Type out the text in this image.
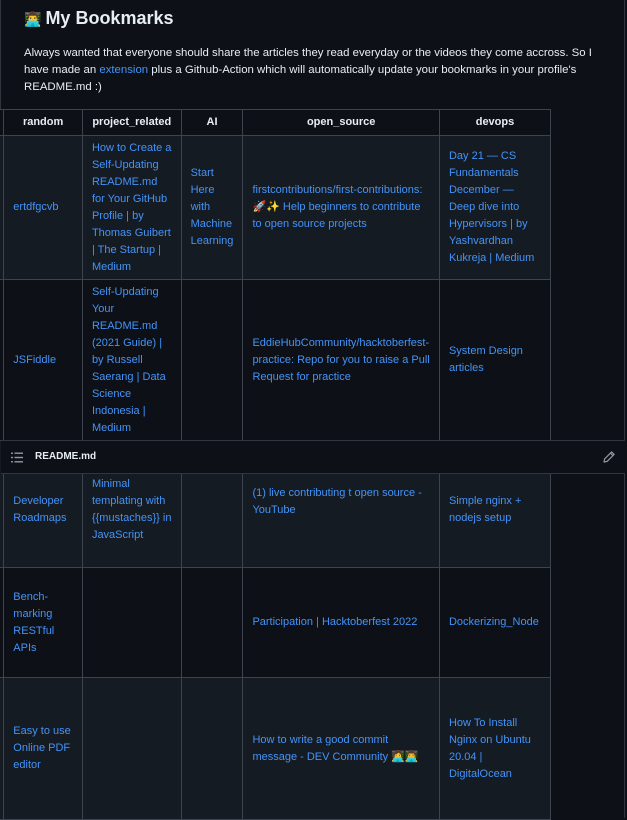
👨‍💻 My Bookmarks

Always wanted that everyone should share the articles they read everyday or the videos they come accross. So I have made an extension plus a Github-Action which will automatically update your bookmarks in your profile's README.md :)

	random	project_related	AI	open_source	devops
	ertdfgcvb	How to Create a Self-Updating README.md for Your GitHub Profile | by Thomas Guibert | The Startup | Medium	Start Here with Machine Learning	firstcontributions/first-contributions: 🚀✨ Help beginners to contribute to open source projects	Day 21 — CS Fundamentals December — Deep dive into Hypervisors | by Yashvardhan Kukreja | Medium
	JSFiddle	Self-Updating Your README.md (2021 Guide) | by Russell Saerang | Data Science Indonesia | Medium		EddieHubCommunity/hacktoberfest-practice: Repo for you to raise a Pull Request for practice	System Design articles
	Developer Roadmaps	Minimal templating with {{mustaches}} in JavaScript		(1) live contributing t open source - YouTube	Simple nginx + nodejs setup
	Bench-marking RESTful APIs			Participation | Hacktoberfest 2022	Dockerizing_Node
	Easy to use Online PDF editor			How to write a good commit message - DEV Community 👩‍💻👨‍💻	How To Install Nginx on Ubuntu 20.04 | DigitalOcean
README.md
